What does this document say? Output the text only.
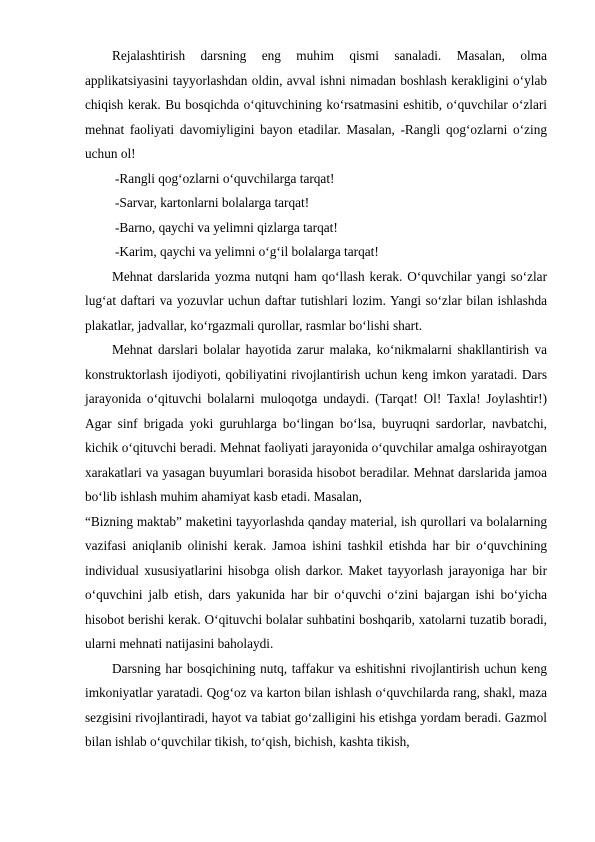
Rejalashtirish darsning eng muhim qismi sanaladi. Masalan, olma applikatsiyasini tayyorlashdan oldin, avval ishni nimadan boshlash kerakligini o‘ylab chiqish kerak. Bu bosqichda o‘qituvchining ko‘rsatmasini eshitib, o‘quvchilar o‘zlari mehnat faoliyati davomiyligini bayon etadilar. Masalan, -Rangli qog‘ozlarni o‘zing uchun ol!

-Rangli qog‘ozlarni o‘quvchilarga tarqat!

-Sarvar, kartonlarni bolalarga tarqat!

-Barno, qaychi va yelimni qizlarga tarqat!

-Karim, qaychi va yelimni o‘g‘il bolalarga tarqat!

Mehnat darslarida yozma nutqni ham qo‘llash kerak. O‘quvchilar yangi so‘zlar lug‘at daftari va yozuvlar uchun daftar tutishlari lozim. Yangi so‘zlar bilan ishlashda plakatlar, jadvallar, ko‘rgazmali qurollar, rasmlar bo‘lishi shart.

Mehnat darslari bolalar hayotida zarur malaka, ko‘nikmalarni shakllantirish va konstruktorlash ijodiyoti, qobiliyatini rivojlantirish uchun keng imkon yaratadi. Dars jarayonida o‘qituvchi bolalarni muloqotga undaydi. (Tarqat! Ol! Taxla! Joylashtir!) Agar sinf brigada yoki guruhlarga bo‘lingan bo‘lsa, buyruqni sardorlar, navbatchi, kichik o‘qituvchi beradi. Mehnat faoliyati jarayonida o‘quvchilar amalga oshirayotgan xarakatlari va yasagan buyumlari borasida hisobot beradilar. Mehnat darslarida jamoa bo‘lib ishlash muhim ahamiyat kasb etadi. Masalan,

“Bizning maktab” maketini tayyorlashda qanday material, ish qurollari va bolalarning vazifasi aniqlanib olinishi kerak. Jamoa ishini tashkil etishda har bir o‘quvchining individual xususiyatlarini hisobga olish darkor. Maket tayyorlash jarayoniga har bir o‘quvchini jalb etish, dars yakunida har bir o‘quvchi o‘zini bajargan ishi bo‘yicha hisobot berishi kerak. O‘qituvchi bolalar suhbatini boshqarib, xatolarni tuzatib boradi, ularni mehnati natijasini baholaydi.

Darsning har bosqichining nutq, taffakur va eshitishni rivojlantirish uchun keng imkoniyatlar yaratadi. Qog‘oz va karton bilan ishlash o‘quvchilarda rang, shakl, maza sezgisini rivojlantiradi, hayot va tabiat go‘zalligini his etishga yordam beradi. Gazmol bilan ishlab o‘quvchilar tikish, to‘qish, bichish, kashta tikish,
